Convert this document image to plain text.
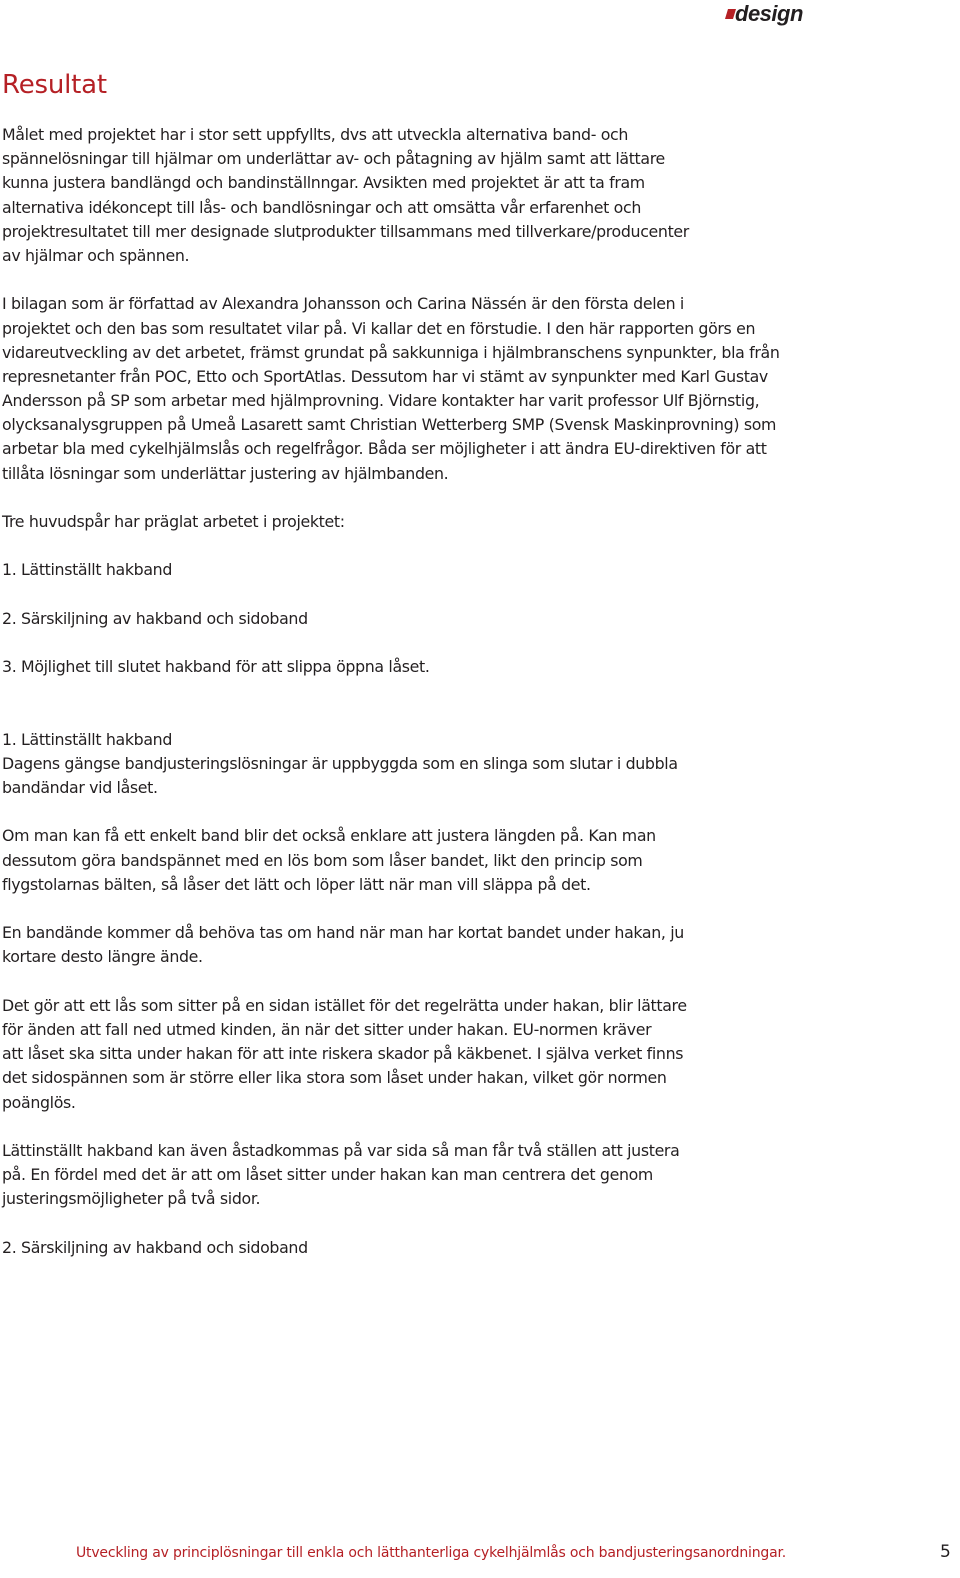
design
Resultat

Målet med projektet har i stor sett uppfyllts, dvs att utveckla alternativa band- och
spännelösningar till hjälmar om underlättar av- och påtagning av hjälm samt att lättare
kunna justera bandlängd och bandinställnngar. Avsikten med projektet är att ta fram
alternativa idékoncept till lås- och bandlösningar och att omsätta vår erfarenhet och
projektresultatet till mer designade slutprodukter tillsammans med tillverkare/producenter
av hjälmar och spännen.

I bilagan som är författad av Alexandra Johansson och Carina Nässén är den första delen i
projektet och den bas som resultatet vilar på. Vi kallar det en förstudie. I den här rapporten görs en
vidareutveckling av det arbetet, främst grundat på sakkunniga i hjälmbranschens synpunkter, bla från
represnetanter från POC, Etto och SportAtlas. Dessutom har vi stämt av synpunkter med Karl Gustav
Andersson på SP som arbetar med hjälmprovning. Vidare kontakter har varit professor Ulf Björnstig,
olycksanalysgruppen på Umeå Lasarett samt Christian Wetterberg SMP (Svensk Maskinprovning) som
arbetar bla med cykelhjälmslås och regelfrågor. Båda ser möjligheter i att ändra EU-direktiven för att
tillåta lösningar som underlättar justering av hjälmbanden.

Tre huvudspår har präglat arbetet i projektet:

1. Lättinställt hakband

2. Särskiljning av hakband och sidoband

3. Möjlighet till slutet hakband för att slippa öppna låset.

1. Lättinställt hakband
Dagens gängse bandjusteringslösningar är uppbyggda som en slinga som slutar i dubbla
bandändar vid låset.

Om man kan få ett enkelt band blir det också enklare att justera längden på. Kan man
dessutom göra bandspännet med en lös bom som låser bandet, likt den princip som
flygstolarnas bälten, så låser det lätt och löper lätt när man vill släppa på det.

En bandände kommer då behöva tas om hand när man har kortat bandet under hakan, ju
kortare desto längre ände.

Det gör att ett lås som sitter på en sidan istället för det regelrätta under hakan, blir lättare
för änden att fall ned utmed kinden, än när det sitter under hakan. EU-normen kräver
att låset ska sitta under hakan för att inte riskera skador på käkbenet. I själva verket finns
det sidospännen som är större eller lika stora som låset under hakan, vilket gör normen
poänglös.

Lättinställt hakband kan även åstadkommas på var sida så man får två ställen att justera
på. En fördel med det är att om låset sitter under hakan kan man centrera det genom
justeringsmöjligheter på två sidor.

2. Särskiljning av hakband och sidoband

Utveckling av principlösningar till enkla och lätthanterliga cykelhjälmlås och bandjusteringsanordningar.	5
